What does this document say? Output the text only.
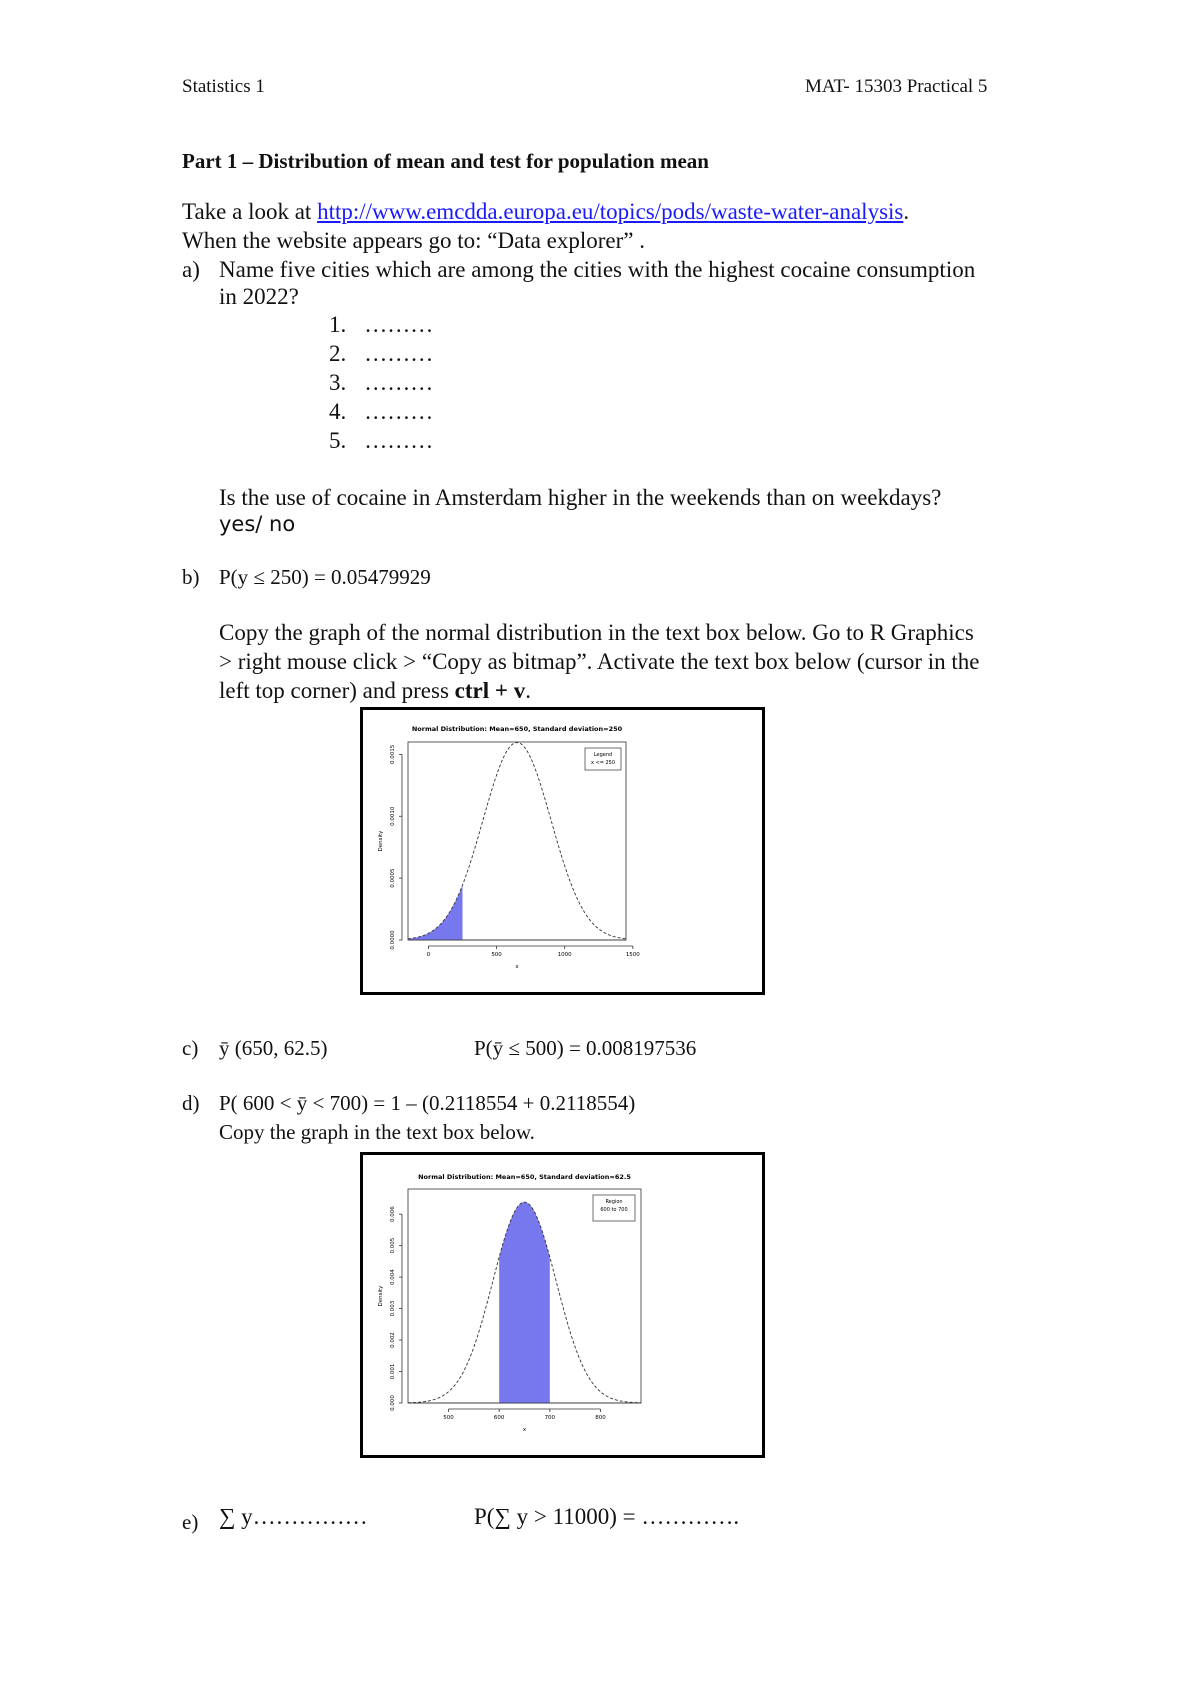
Statistics 1	MAT- 15303 Practical 5
Part 1 – Distribution of mean and test for population mean
Take a look at http://www.emcdda.europa.eu/topics/pods/waste-water-analysis.
When the website appears go to: “Data explorer” .
a) Name five cities which are among the cities with the highest cocaine consumption
in 2022?
1. ………
2. ………
3. ………
4. ………
5. ………
Is the use of cocaine in Amsterdam higher in the weekends than on weekdays?
yes/ no
b) P(y ≤ 250) = 0.05479929
Copy the graph of the normal distribution in the text box below. Go to R Graphics
> right mouse click > “Copy as bitmap”. Activate the text box below (cursor in the
left top corner) and press ctrl + v.
Normal Distribution: Mean=650, Standard deviation=250
0	500	1000	1500
x
0.0000
0.0005
0.0010
0.0015
Density
Legend
x <= 250
c) ȳ (650, 62.5)	P(ȳ ≤ 500) = 0.008197536
d) P( 600 < ȳ < 700) = 1 – (0.2118554 + 0.2118554)
Copy the graph in the text box below.
Normal Distribution: Mean=650, Standard deviation=62.5
500	600	700	800
x
0.000
0.001
0.002
0.003
0.004
0.005
0.006
Density
Region
600 to 700
e) ∑ y……………	P(∑ y > 11000) = ………….
